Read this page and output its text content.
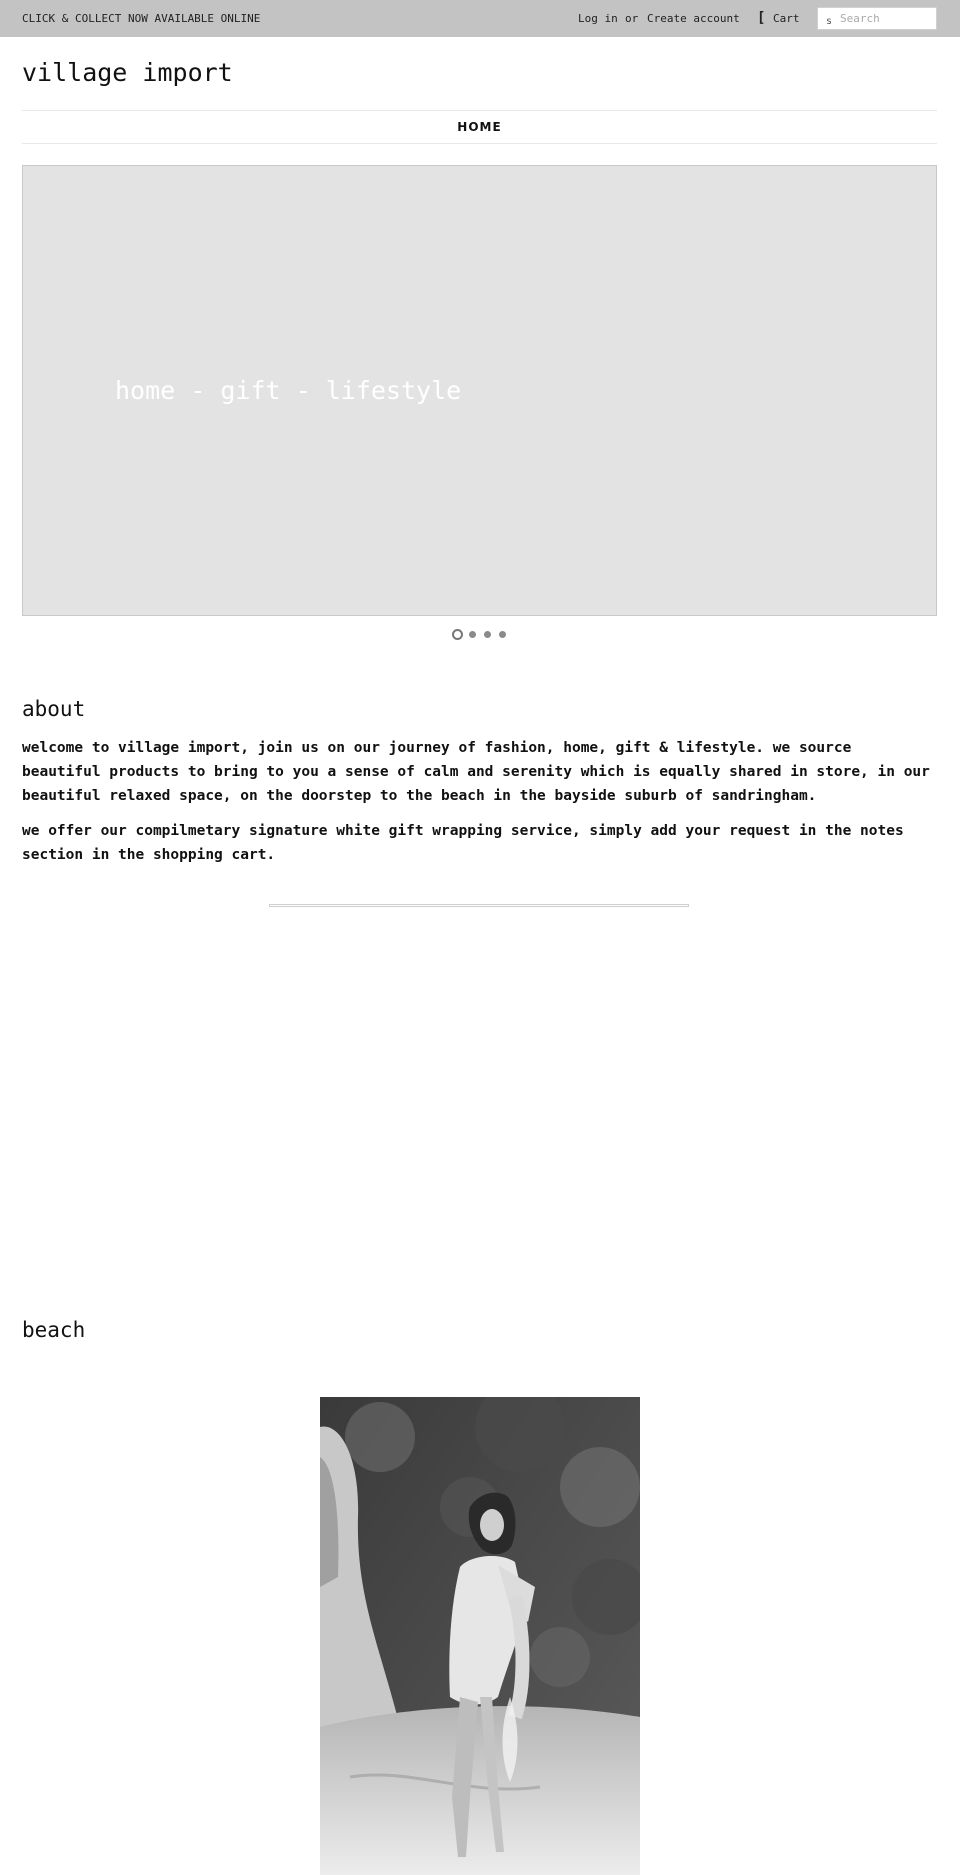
CLICK & COLLECT NOW AVAILABLE ONLINE	Log in or Create account [ Cart	s
Search
village import
HOME
home - gift - lifestyle
about

welcome to village import, join us on our journey of fashion, home, gift & lifestyle. we source beautiful products to bring to you a sense of calm and serenity which is equally shared in store, in our beautiful relaxed space, on the doorstep to the beach in the bayside suburb of sandringham.

we offer our compilmetary signature white gift wrapping service, simply add your request in the notes section in the shopping cart.

beach
